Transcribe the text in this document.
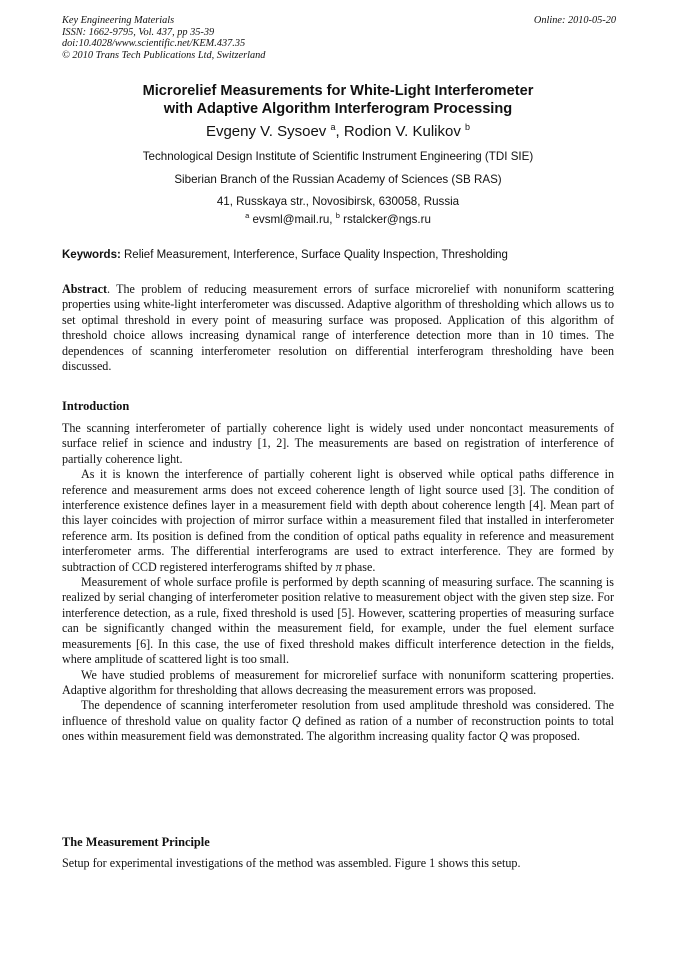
Key Engineering Materials
ISSN: 1662-9795, Vol. 437, pp 35-39
doi:10.4028/www.scientific.net/KEM.437.35
© 2010 Trans Tech Publications Ltd, Switzerland
Online: 2010-05-20
Microrelief Measurements for White-Light Interferometer
with Adaptive Algorithm Interferogram Processing
Evgeny V. Sysoev $^a$, Rodion V. Kulikov $^b$
Technological Design Institute of Scientific Instrument Engineering (TDI SIE)
Siberian Branch of the Russian Academy of Sciences (SB RAS)
41, Russkaya str., Novosibirsk, 630058, Russia
$^a$ evsml@mail.ru, $^b$ rstalcker@ngs.ru
Keywords: Relief Measurement, Interference, Surface Quality Inspection, Thresholding

Abstract. The problem of reducing measurement errors of surface microrelief with nonuniform scattering properties using white-light interferometer was discussed. Adaptive algorithm of thresholding which allows us to set optimal threshold in every point of measuring surface was proposed. Application of this algorithm of threshold choice allows increasing dynamical range of interference detection more than in 10 times. The dependences of scanning interferometer resolution on differential interferogram thresholding have been discussed.

Introduction

The scanning interferometer of partially coherence light is widely used under noncontact measurements of surface relief in science and industry [1, 2]. The measurements are based on registration of interference of partially coherence light.

As it is known the interference of partially coherent light is observed while optical paths difference in reference and measurement arms does not exceed coherence length of light source used [3]. The condition of interference existence defines layer in a measurement field with depth about coherence length [4]. Mean part of this layer coincides with projection of mirror surface within a measurement filed that installed in interferometer reference arm. Its position is defined from the condition of optical paths equality in reference and measurement interferometer arms. The differential interferograms are used to extract interference. They are formed by subtraction of CCD registered interferograms shifted by π phase.

Measurement of whole surface profile is performed by depth scanning of measuring surface. The scanning is realized by serial changing of interferometer position relative to measurement object with the given step size. For interference detection, as a rule, fixed threshold is used [5]. However, scattering properties of measuring surface can be significantly changed within the measurement field, for example, under the fuel element surface measurements [6]. In this case, the use of fixed threshold makes difficult interference detection in the fields, where amplitude of scattered light is too small.

We have studied problems of measurement for microrelief surface with nonuniform scattering properties. Adaptive algorithm for thresholding that allows decreasing the measurement errors was proposed.

The dependence of scanning interferometer resolution from used amplitude threshold was considered. The influence of threshold value on quality factor Q defined as ration of a number of reconstruction points to total ones within measurement field was demonstrated. The algorithm increasing quality factor Q was proposed.

The Measurement Principle

Setup for experimental investigations of the method was assembled. Figure 1 shows this setup.
